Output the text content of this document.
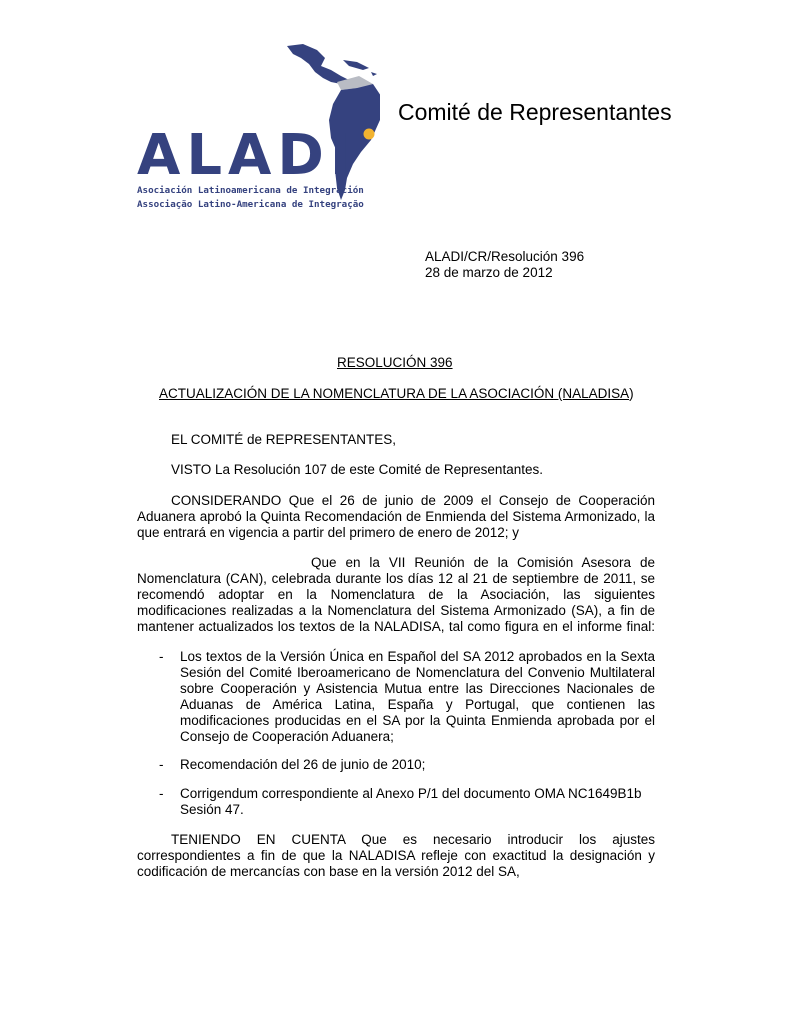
ALADI
Asociación Latinoamericana de Integración
Associação Latino-Americana de Integração
Comité de Representantes
ALADI/CR/Resolución 396
28 de marzo de 2012
RESOLUCIÓN 396
ACTUALIZACIÓN DE LA NOMENCLATURA DE LA ASOCIACIÓN (NALADISA)
EL COMITÉ de REPRESENTANTES,
VISTO La Resolución 107 de este Comité de Representantes.
CONSIDERANDO Que el 26 de junio de 2009 el Consejo de Cooperación
Aduanera aprobó la Quinta Recomendación de Enmienda del Sistema Armonizado, la
que entrará en vigencia a partir del primero de enero de 2012; y
Que en la VII Reunión de la Comisión Asesora de
Nomenclatura (CAN), celebrada durante los días 12 al 21 de septiembre de 2011, se
recomendó adoptar en la Nomenclatura de la Asociación, las siguientes
modificaciones realizadas a la Nomenclatura del Sistema Armonizado (SA), a fin de
mantener actualizados los textos de la NALADISA, tal como figura en el informe final:
- Los textos de la Versión Única en Español del SA 2012 aprobados en la Sexta
Sesión del Comité Iberoamericano de Nomenclatura del Convenio Multilateral
sobre Cooperación y Asistencia Mutua entre las Direcciones Nacionales de
Aduanas de América Latina, España y Portugal, que contienen las
modificaciones producidas en el SA por la Quinta Enmienda aprobada por el
Consejo de Cooperación Aduanera;
- Recomendación del 26 de junio de 2010;
- Corrigendum correspondiente al Anexo P/1 del documento OMA NC1649B1b
Sesión 47.
TENIENDO EN CUENTA Que es necesario introducir los ajustes
correspondientes a fin de que la NALADISA refleje con exactitud la designación y
codificación de mercancías con base en la versión 2012 del SA,
